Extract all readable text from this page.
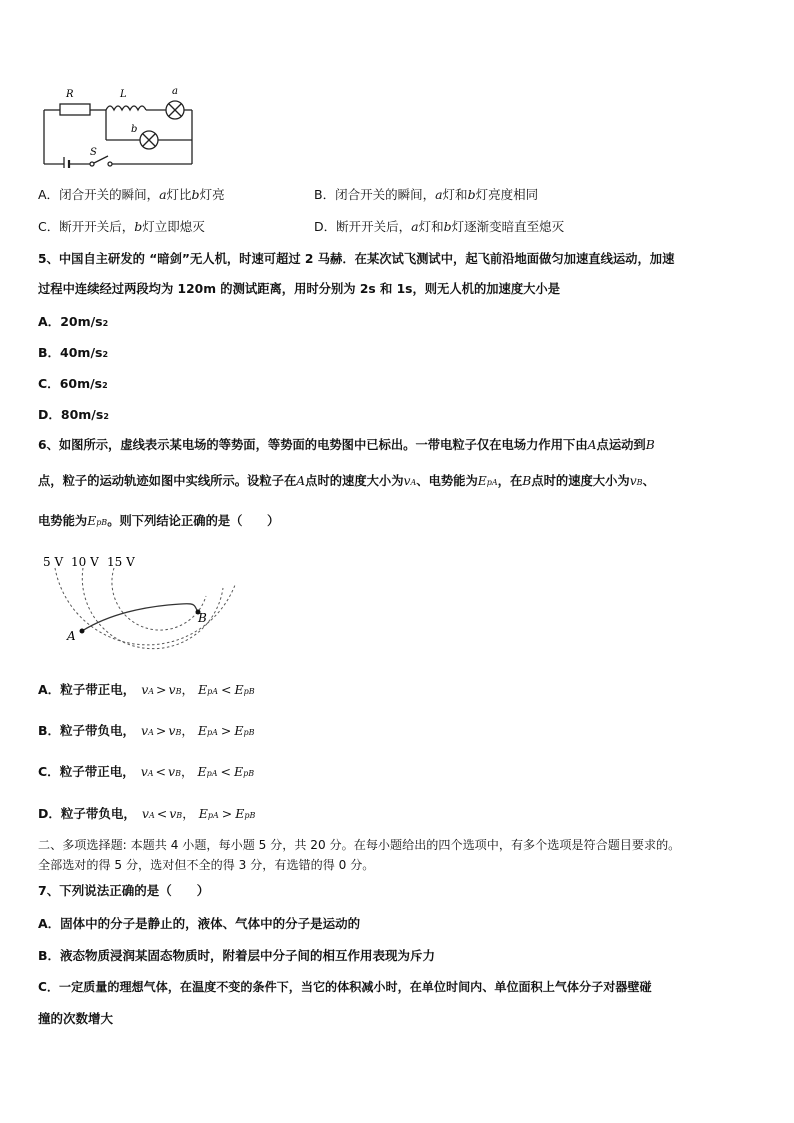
R	L	a
b
S
A． 闭合开关的瞬间， a 灯比 b 灯亮	B． 闭合开关的瞬间， a 灯和 b 灯亮度相同
C． 断开开关后， b 灯立即熄灭	D． 断开开关后， a 灯和 b 灯逐渐变暗直至熄灭
5、中国自主研发的 “暗剑”无人机，时速可超过 2 马赫．在某次试飞测试中，起飞前沿地面做匀加速直线运动，加速
过程中连续经过两段均为 120m 的测试距离，用时分别为 2s 和 1s，则无人机的加速度大小是
A． 20m/s 2
B． 40m/s 2
C． 60m/s 2
D． 80m/s 2
6、如图所示，虚线表示某电场的等势面，等势面的电势图中已标出。一带电粒子仅在电场力作用下由 A 点运动到 B
点，粒子的运动轨迹如图中实线所示。设粒子在 A 点时的速度大小为 v A 、电势能为 E pA ，在 B 点时的速度大小为 v B 、
电势能为 E pB 。则下列结论正确的是（　　）
5 V 10 V 15 V
A
B
A． 粒子带正电， v A > v B ， E pA < E pB
B． 粒子带负电， v A > v B ， E pA > E pB
C． 粒子带正电， v A < v B ， E pA < E pB
D． 粒子带负电， v A < v B ， E pA > E pB
二、多项选择题: 本题共 4 小题，每小题 5 分，共 20 分。在每小题给出的四个选项中，有多个选项是符合题目要求的。
全部选对的得 5 分，选对但不全的得 3 分，有选错的得 0 分。
7、下列说法正确的是（　　）
A．固体中的分子是静止的，液体、气体中的分子是运动的
B．液态物质浸润某固态物质时，附着层中分子间的相互作用表现为斥力
C．一定质量的理想气体，在温度不变的条件下，当它的体积减小时，在单位时间内、单位面积上气体分子对器壁碰
撞的次数增大
